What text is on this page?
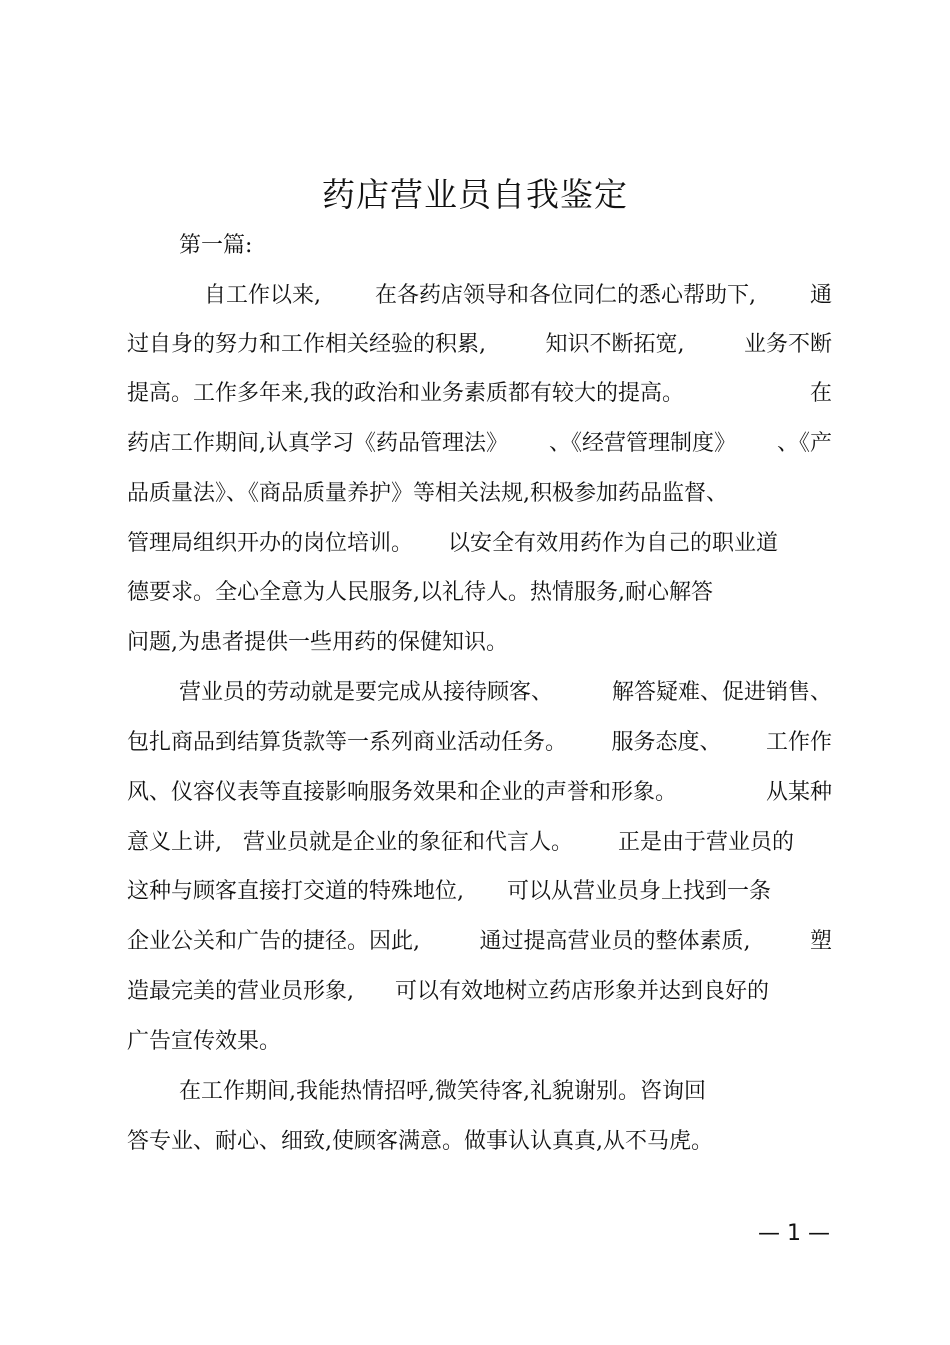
药店营业员自我鉴定
第一篇:
自工作以来, 在各药店领导和各位同仁的悉心帮助下, 通
过自身的努力和工作相关经验的积累,	知识不断拓宽,	业务不断
提高。工作多年来,我的政治和业务素质都有较大的提高。	在
药店工作期间,认真学习《药品管理法》 、《经营管理制度》 、《产
品质量法》、《商品质量养护》等相关法规,积极参加药品监督、
管理局组织开办的岗位培训。 以安全有效用药作为自己的职业道
德要求。全心全意为人民服务,以礼待人。热情服务,耐心解答
问题,为患者提供一些用药的保健知识。
营业员的劳动就是要完成从接待顾客、	解答疑难、促进销售、
包扎商品到结算货款等一系列商业活动任务。 服务态度、 工作作
风、仪容仪表等直接影响服务效果和企业的声誉和形象。	从某种
意义上讲, 营业员就是企业的象征和代言人。 正是由于营业员的
这种与顾客直接打交道的特殊地位, 可以从营业员身上找到一条
企业公关和广告的捷径。因此,	通过提高营业员的整体素质,	塑
造最完美的营业员形象, 可以有效地树立药店形象并达到良好的
广告宣传效果。
在工作期间,我能热情招呼,微笑待客,礼貌谢别。咨询回
答专业、耐心、细致,使顾客满意。做事认认真真,从不马虎。
— 1 —
